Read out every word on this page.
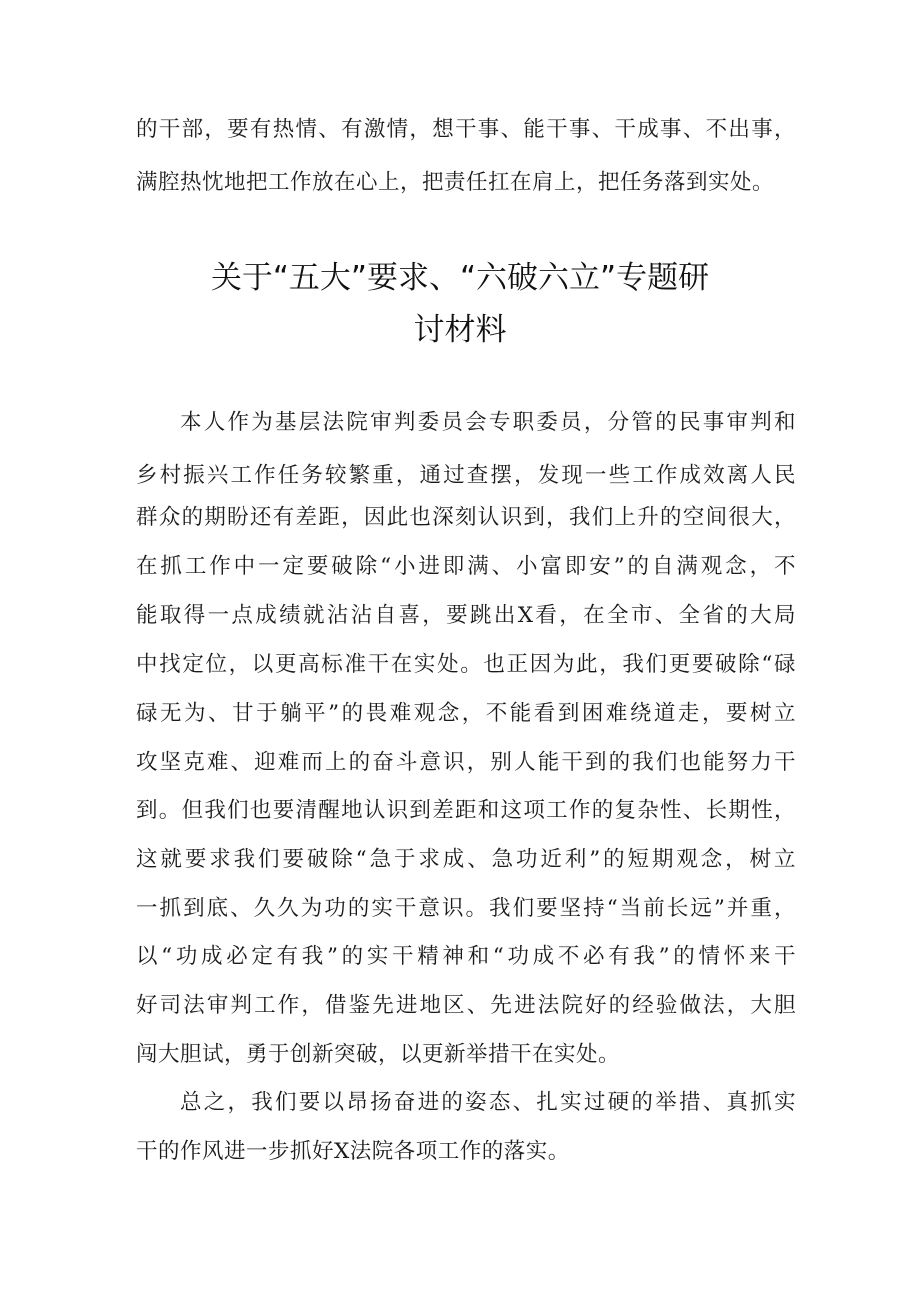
的干部，要有热情、有激情，想干事、能干事、干成事、不出事，
满腔热忱地把工作放在心上，把责任扛在肩上，把任务落到实处。
关于“五大”要求、“六破六立”专题研
讨材料
本人作为基层法院审判委员会专职委员，分管的民事审判和
乡村振兴工作任务较繁重，通过查摆，发现一些工作成效离人民
群众的期盼还有差距，因此也深刻认识到，我们上升的空间很大，
在抓工作中一定要破除“小进即满、小富即安”的自满观念，不
能取得一点成绩就沾沾自喜，要跳出X看，在全市、全省的大局
中找定位，以更高标准干在实处。也正因为此，我们更要破除“碌
碌无为、甘于躺平”的畏难观念，不能看到困难绕道走，要树立
攻坚克难、迎难而上的奋斗意识，别人能干到的我们也能努力干
到。但我们也要清醒地认识到差距和这项工作的复杂性、长期性，
这就要求我们要破除“急于求成、急功近利”的短期观念，树立
一抓到底、久久为功的实干意识。我们要坚持“当前长远”并重，
以“功成必定有我”的实干精神和“功成不必有我”的情怀来干
好司法审判工作，借鉴先进地区、先进法院好的经验做法，大胆
闯大胆试，勇于创新突破，以更新举措干在实处。
总之，我们要以昂扬奋进的姿态、扎实过硬的举措、真抓实
干的作风进一步抓好X法院各项工作的落实。
